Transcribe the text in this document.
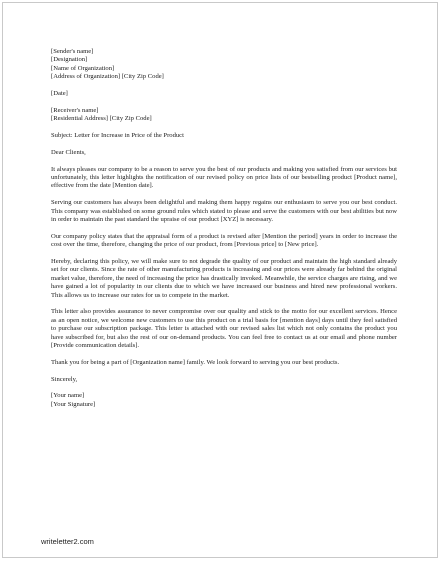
[Sender's name]
[Designation]
[Name of Organization]
[Address of Organization] [City Zip Code]
[Date]
[Receiver's name]
[Residential Address] [City Zip Code]
Subject: Letter for Increase in Price of the Product
Dear Clients,

It always pleases our company to be a reason to serve you the best of our products and making you satisfied from our services but unfortunately, this letter highlights the notification of our revised policy on price lists of our bestselling product [Product name], effective from the date [Mention date].

Serving our customers has always been delightful and making them happy regains our enthusiasm to serve you our best conduct. This company was established on some ground rules which stated to please and serve the customers with our best abilities but now in order to maintain the past standard the upraise of our product [XYZ] is necessary.

Our company policy states that the appraisal form of a product is revised after [Mention the period] years in order to increase the cost over the time, therefore, changing the price of our product, from [Previous price] to [New price].

Hereby, declaring this policy, we will make sure to not degrade the quality of our product and maintain the high standard already set for our clients. Since the rate of other manufacturing products is increasing and our prices were already far behind the original market value, therefore, the need of increasing the price has drastically invoked. Meanwhile, the service charges are rising, and we have gained a lot of popularity in our clients due to which we have increased our business and hired new professional workers. This allows us to increase our rates for us to compete in the market.

This letter also provides assurance to never compromise over our quality and stick to the motto for our excellent services. Hence as an open notice, we welcome new customers to use this product on a trial basis for [mention days] days until they feel satisfied to purchase our subscription package. This letter is attached with our revised sales list which not only contains the product you have subscribed for, but also the rest of our on-demand products. You can feel free to contact us at our email and phone number [Provide communication details].

Thank you for being a part of [Organization name] family. We look forward to serving you our best products.

Sincerely,
[Your name]
[Your Signature]
writeletter2.com
